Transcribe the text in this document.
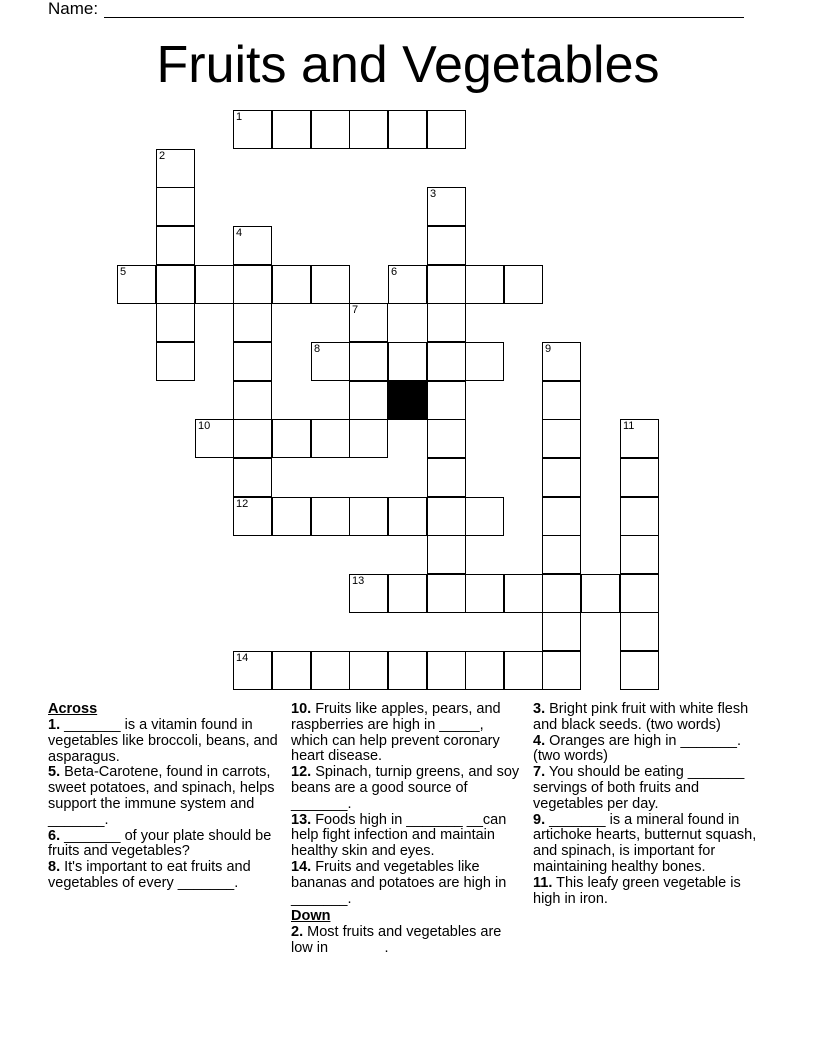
Name:
Fruits and Vegetables
1
2
3
4
12
5	6
7
8	9
10	11
13
14
Across
1. _______ is a vitamin found in vegetables like broccoli, beans, and asparagus.
5. Beta-Carotene, found in carrots, sweet potatoes, and spinach, helps support the immune system and _______.
6. _______ of your plate should be fruits and vegetables?
8. It's important to eat fruits and vegetables of every _______.
10. Fruits like apples, pears, and raspberries are high in _____, which can help prevent coronary heart disease.
12. Spinach, turnip greens, and soy beans are a good source of _______.
13. Foods high in _______ __can help fight infection and maintain healthy skin and eyes.
14. Fruits and vegetables like bananas and potatoes are high in _______.
Down
2. Most fruits and vegetables are low in              .
3. Bright pink fruit with white flesh and black seeds. (two words)
4. Oranges are high in _______. (two words)
7. You should be eating _______ servings of both fruits and vegetables per day.
9. _______ is a mineral found in artichoke hearts, butternut squash, and spinach, is important for maintaining healthy bones.
11. This leafy green vegetable is high in iron.
